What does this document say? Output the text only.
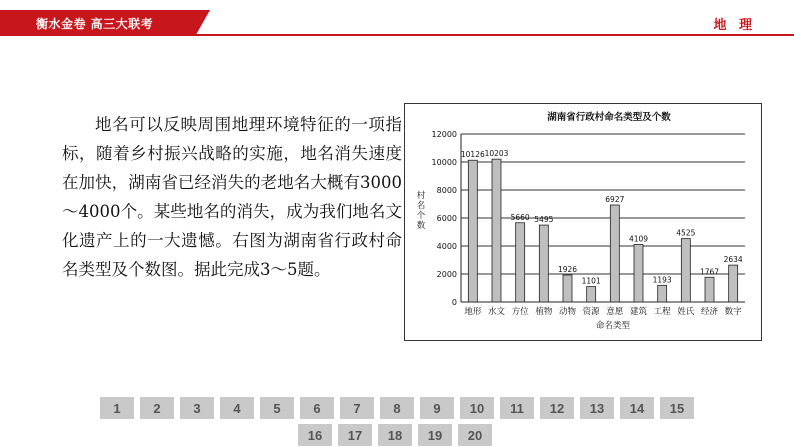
衡水金卷 高三大联考	地 理
地名可以反映周围地理环境特征的一项指标，随着乡村振兴战略的实施，地名消失速度在加快，湖南省已经消失的老地名大概有3000～4000个。某些地名的消失，成为我们地名文化遗产上的一大遗憾。右图为湖南省行政村命名类型及个数图。据此完成3～5题。
湖南省行政村命名类型及个数
0
2000
4000
6000
8000
10000
12000
村
名
个
数
10126
地形
10203
水文
5660
方位
5495
植物
1926
动物
1101
资源
6927
意愿
4109
建筑
1193
工程
4525
姓氏
1767
经济
2634
数字
命名类型
1	2	3	4	5	6	7	8	9	10	11	12	13	14	15
16	17	18	19	20
